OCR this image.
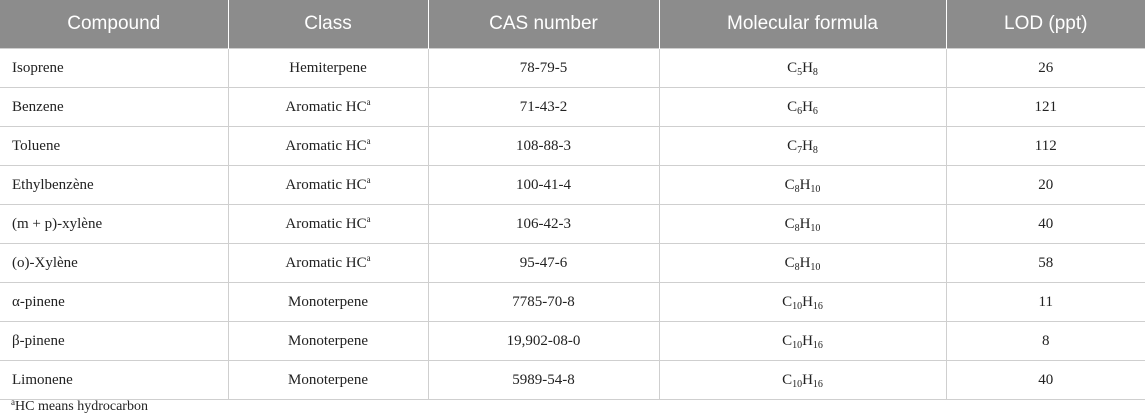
Compound	Class	CAS number	Molecular formula	LOD (ppt)
Isoprene	Hemiterpene	78-79-5	$C_5H_8$	26
Benzene	Aromatic HC$^a$	71-43-2	$C_6H_6$	121
Toluene	Aromatic HC$^a$	108-88-3	$C_7H_8$	112
Ethylbenzène	Aromatic HC$^a$	100-41-4	$C_8H_{10}$	20
(m + p)-xylène	Aromatic HC$^a$	106-42-3	$C_8H_{10}$	40
(o)-Xylène	Aromatic HC$^a$	95-47-6	$C_8H_{10}$	58
α-pinene	Monoterpene	7785-70-8	$C_{10}H_{16}$	11
β-pinene	Monoterpene	19,902-08-0	$C_{10}H_{16}$	8
Limonene	Monoterpene	5989-54-8	$C_{10}H_{16}$	40
$^a$HC means hydrocarbon
